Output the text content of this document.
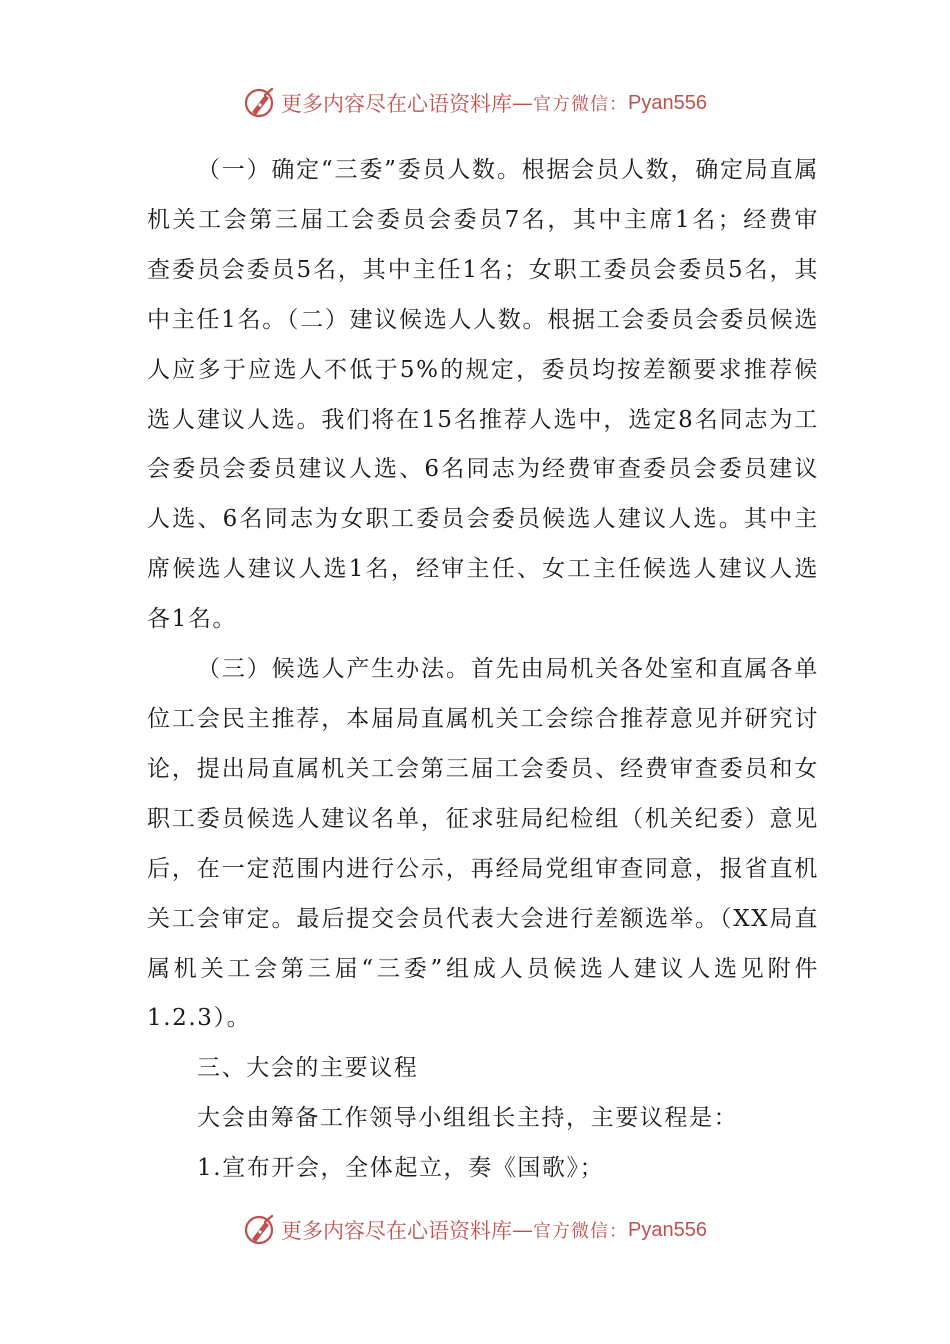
更多内容尽在心语资料库 — 官方微信： Pyan556

（一）确定“三委”委员人数。根据会员人数，确定局直属机关工会第三届工会委员会委员7名，其中主席1名；经费审查委员会委员5名，其中主任1名；女职工委员会委员5名，其中主任1名。（二）建议候选人人数。根据工会委员会委员候选人应多于应选人不低于5%的规定，委员均按差额要求推荐候选人建议人选。我们将在15名推荐人选中，选定8名同志为工会委员会委员建议人选、6名同志为经费审查委员会委员建议人选、6名同志为女职工委员会委员候选人建议人选。其中主席候选人建议人选1名，经审主任、女工主任候选人建议人选各1名。

（三）候选人产生办法。首先由局机关各处室和直属各单位工会民主推荐，本届局直属机关工会综合推荐意见并研究讨论，提出局直属机关工会第三届工会委员、经费审查委员和女职工委员候选人建议名单，征求驻局纪检组（机关纪委）意见后，在一定范围内进行公示，再经局党组审查同意，报省直机关工会审定。最后提交会员代表大会进行差额选举。（XX局直属机关工会第三届“三委”组成人员候选人建议人选见附件1.2.3）。

三、大会的主要议程

大会由筹备工作领导小组组长主持，主要议程是：

1.宣布开会，全体起立，奏《国歌》；

更多内容尽在心语资料库 — 官方微信： Pyan556
